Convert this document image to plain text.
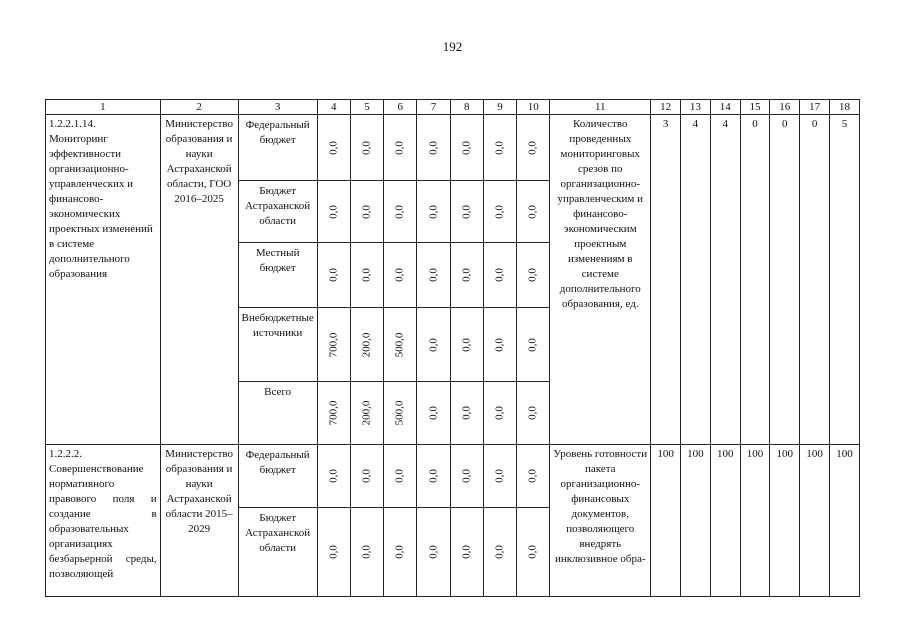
192
1	2	3	4	5	6	7	8	9	10	11	12	13	14	15	16	17	18
1.2.2.1.14. Мониторинг эффективности организационно-управленческих и финансово-экономических проектных изменений в системе дополнительного образования	Министерство образования и науки Астраханской области, ГОО 2016–2025	Федеральный бюджет	0,0	0,0	0,0	0,0	0,0	0,0	0,0	Количество проведенных мониторинговых срезов по организационно-управленческим и финансово-экономическим проектным изменениям в системе дополнительного образования, ед.	3	4	4	0	0	0	5
		Бюджет Астраханской области	0,0	0,0	0,0	0,0	0,0	0,0	0,0								

		Местный бюджет	0,0	0,0	0,0	0,0	0,0	0,0	0,0								

		Внебюджетные источники	700,0	200,0	500,0	0,0	0,0	0,0	0,0								

		Всего	700,0	200,0	500,0	0,0	0,0	0,0	0,0								

1.2.2.2. Совершенствование нормативного правового поля и создание в образовательных организациях безбарьерной среды, позволяющей	Министерство образования и науки Астраханской области 2015–2029	Федеральный бюджет	0,0	0,0	0,0	0,0	0,0	0,0	0,0	Уровень готовности пакета организационно-финансовых документов, позволяющего внедрять инклюзивное обра-	100	100	100	100	100	100	100
		Бюджет Астраханской области	0,0	0,0	0,0	0,0	0,0	0,0	0,0								
